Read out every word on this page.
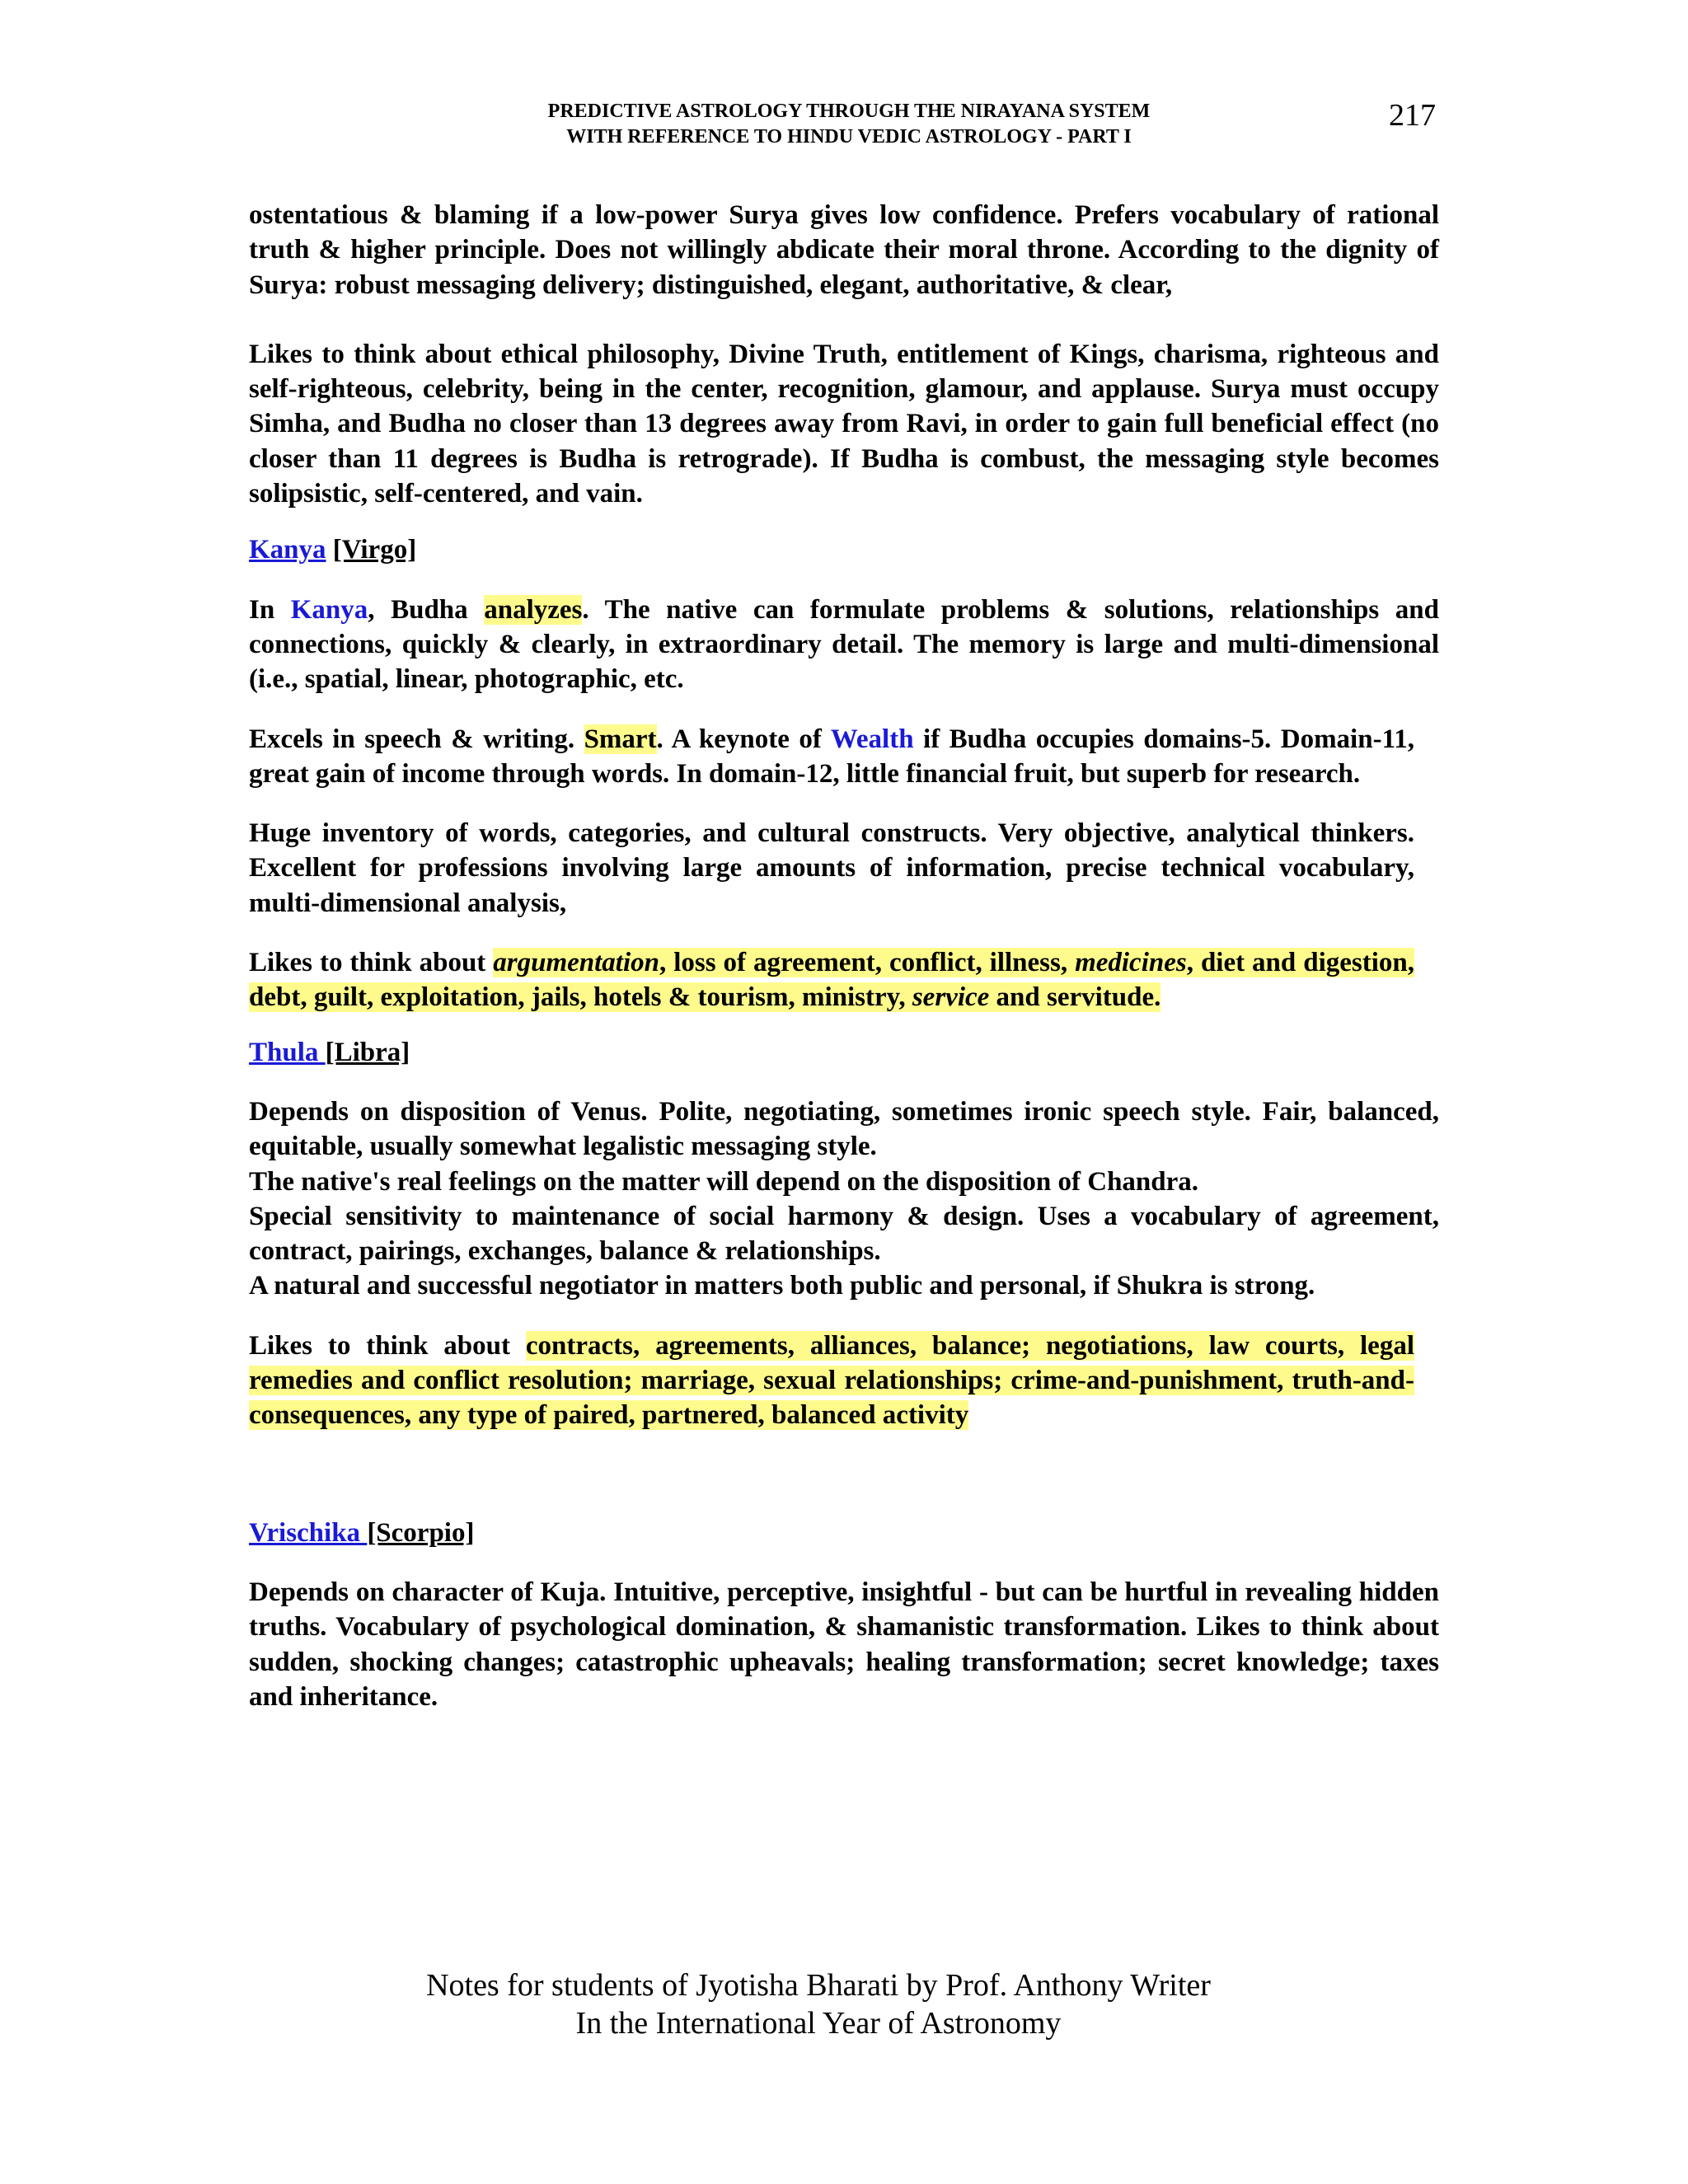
PREDICTIVE ASTROLOGY THROUGH THE NIRAYANA SYSTEM
WITH REFERENCE TO HINDU VEDIC ASTROLOGY - PART I
217

ostentatious & blaming if a low-power Surya gives low confidence. Prefers vocabulary of rational truth & higher principle. Does not willingly abdicate their moral throne. According to the dignity of Surya: robust messaging delivery; distinguished, elegant, authoritative, & clear,

Likes to think about ethical philosophy, Divine Truth, entitlement of Kings, charisma, righteous and self-righteous, celebrity, being in the center, recognition, glamour, and applause. Surya must occupy Simha, and Budha no closer than 13 degrees away from Ravi, in order to gain full beneficial effect (no closer than 11 degrees is Budha is retrograde). If Budha is combust, the messaging style becomes solipsistic, self-centered, and vain.

Kanya [Virgo]

In Kanya, Budha analyzes. The native can formulate problems & solutions, relationships and connections, quickly & clearly, in extraordinary detail. The memory is large and multi-dimensional (i.e., spatial, linear, photographic, etc.

Excels in speech & writing. Smart. A keynote of Wealth if Budha occupies domains-5. Domain-11, great gain of income through words. In domain-12, little financial fruit, but superb for research.

Huge inventory of words, categories, and cultural constructs. Very objective, analytical thinkers. Excellent for professions involving large amounts of information, precise technical vocabulary, multi-dimensional analysis,

Likes to think about argumentation, loss of agreement, conflict, illness, medicines, diet and digestion, debt, guilt, exploitation, jails, hotels & tourism, ministry, service and servitude.

Thula [Libra]

Depends on disposition of Venus. Polite, negotiating, sometimes ironic speech style. Fair, balanced, equitable, usually somewhat legalistic messaging style.

The native's real feelings on the matter will depend on the disposition of Chandra.

Special sensitivity to maintenance of social harmony & design. Uses a vocabulary of agreement, contract, pairings, exchanges, balance & relationships.

A natural and successful negotiator in matters both public and personal, if Shukra is strong.

Likes to think about contracts, agreements, alliances, balance; negotiations, law courts, legal remedies and conflict resolution; marriage, sexual relationships; crime-and-punishment, truth-and-consequences, any type of paired, partnered, balanced activity

Vrischika [Scorpio]

Depends on character of Kuja. Intuitive, perceptive, insightful - but can be hurtful in revealing hidden truths. Vocabulary of psychological domination, & shamanistic transformation. Likes to think about sudden, shocking changes; catastrophic upheavals; healing transformation; secret knowledge; taxes and inheritance.

Notes for students of Jyotisha Bharati by Prof. Anthony Writer
In the International Year of Astronomy
